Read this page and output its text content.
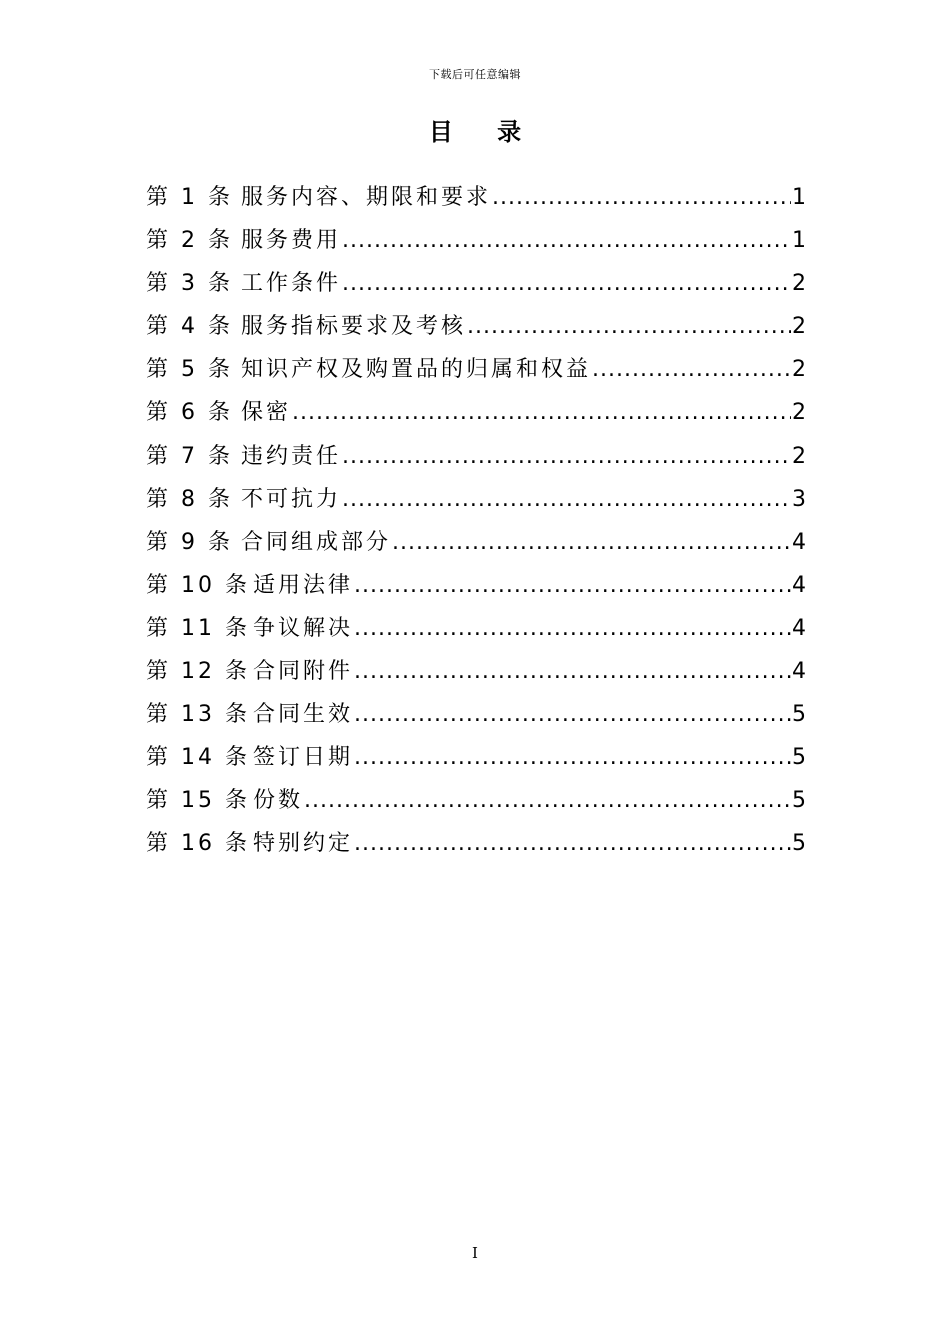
下载后可任意编辑
目 录
第 1 条 服务内容、期限和要求 .....	1
第 2 条 服务费用 .....	1
第 3 条 工作条件 .....	2
第 4 条 服务指标要求及考核 .....	2
第 5 条 知识产权及购置品的归属和权益 .....	2
第 6 条 保密 .....	2
第 7 条 违约责任 .....	2
第 8 条 不可抗力 .....	3
第 9 条 合同组成部分 .....	4
第 10 条 适用法律 .....	4
第 11 条 争议解决 .....	4
第 12 条 合同附件 .....	4
第 13 条 合同生效 .....	5
第 14 条 签订日期 .....	5
第 15 条 份数 .....	5
第 16 条 特别约定 .....	5
I
